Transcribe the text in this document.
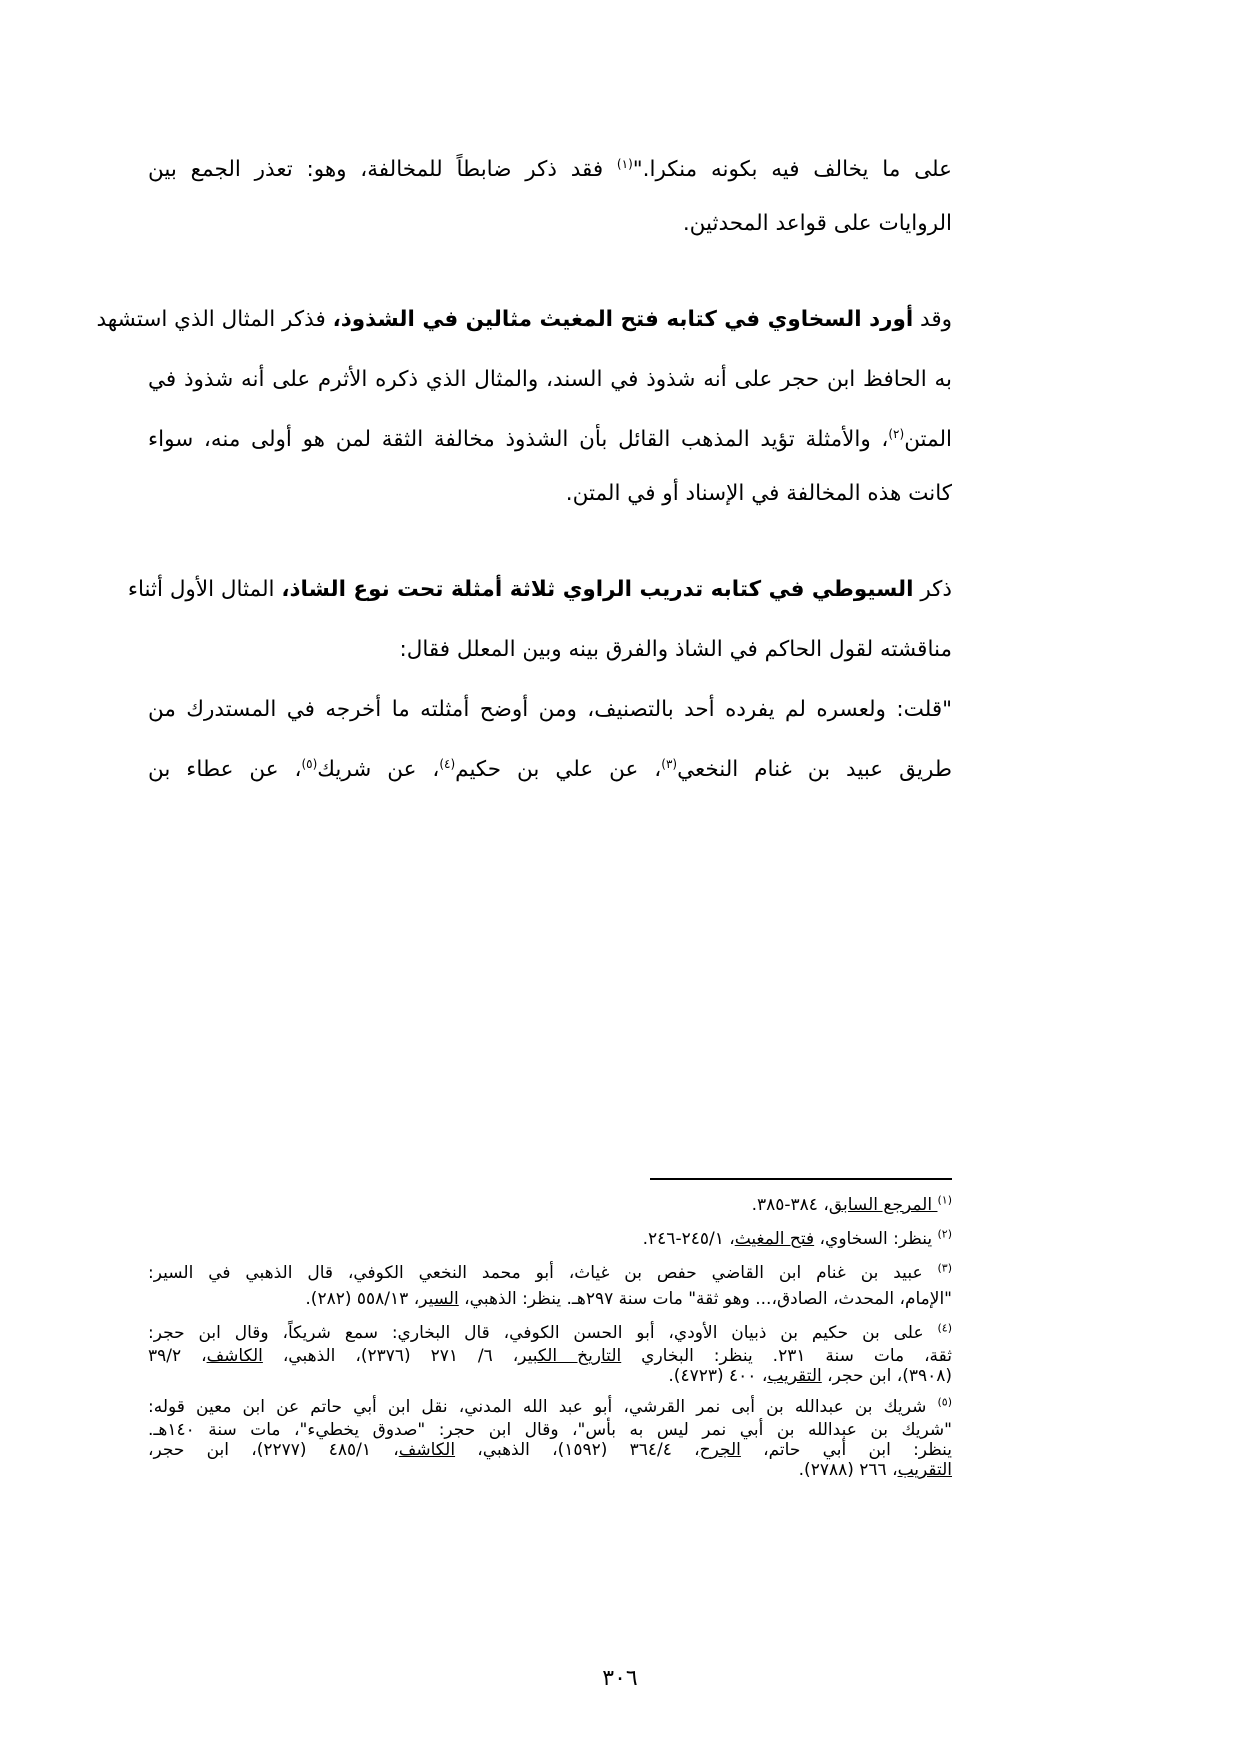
على ما يخالف فيه بكونه منكرا."$^{(١)}$ فقد ذكر ضابطاً للمخالفة، وهو: تعذر الجمع بين
الروايات على قواعد المحدثين.
وقد أورد السخاوي في كتابه فتح المغيث مثالين في الشذوذ، فذكر المثال الذي استشهد
به الحافظ ابن حجر على أنه شذوذ في السند، والمثال الذي ذكره الأثرم على أنه شذوذ في
المتن$^{(٢)}$، والأمثلة تؤيد المذهب القائل بأن الشذوذ مخالفة الثقة لمن هو أولى منه، سواء
كانت هذه المخالفة في الإسناد أو في المتن.
ذكر السيوطي في كتابه تدريب الراوي ثلاثة أمثلة تحت نوع الشاذ، المثال الأول أثناء
مناقشته لقول الحاكم في الشاذ والفرق بينه وبين المعلل فقال:
"قلت: ولعسره لم يفرده أحد بالتصنيف، ومن أوضح أمثلته ما أخرجه في المستدرك من
طريق عبيد بن غنام النخعي$^{(٣)}$، عن علي بن حكيم$^{(٤)}$، عن شريك$^{(٥)}$، عن عطاء بن
$^{(١)}$ المرجع السابق، ٣٨٤-٣٨٥.
$^{(٢)}$ ينظر: السخاوي، فتح المغيث، ٢٤٥/١-٢٤٦.
$^{(٣)}$ عبيد بن غنام ابن القاضي حفص بن غياث، أبو محمد النخعي الكوفي، قال الذهبي في السير:
"الإمام، المحدث، الصادق،... وهو ثقة" مات سنة ٢٩٧هـ. ينظر: الذهبي، السير، ٥٥٨/١٣ (٢٨٢).
$^{(٤)}$ على بن حكيم بن ذبيان الأودي، أبو الحسن الكوفي، قال البخاري: سمع شريكاً، وقال ابن حجر:
ثقة، مات سنة ٢٣١. ينظر: البخاري التاريخ الكبير، ٦/ ٢٧١ (٢٣٧٦)، الذهبي، الكاشف، ٣٩/٢
(٣٩٠٨)، ابن حجر، التقريب، ٤٠٠ (٤٧٢٣).
$^{(٥)}$ شريك بن عبدالله بن أبى نمر القرشي، أبو عبد الله المدني، نقل ابن أبي حاتم عن ابن معين قوله:
"شريك بن عبدالله بن أبي نمر ليس به بأس"، وقال ابن حجر: "صدوق يخطيء"، مات سنة ١٤٠هـ.
ينظر: ابن أبي حاتم، الجرح، ٣٦٤/٤ (١٥٩٢)، الذهبي، الكاشف، ٤٨٥/١ (٢٢٧٧)، ابن حجر،
التقريب، ٢٦٦ (٢٧٨٨).
٣٠٦
